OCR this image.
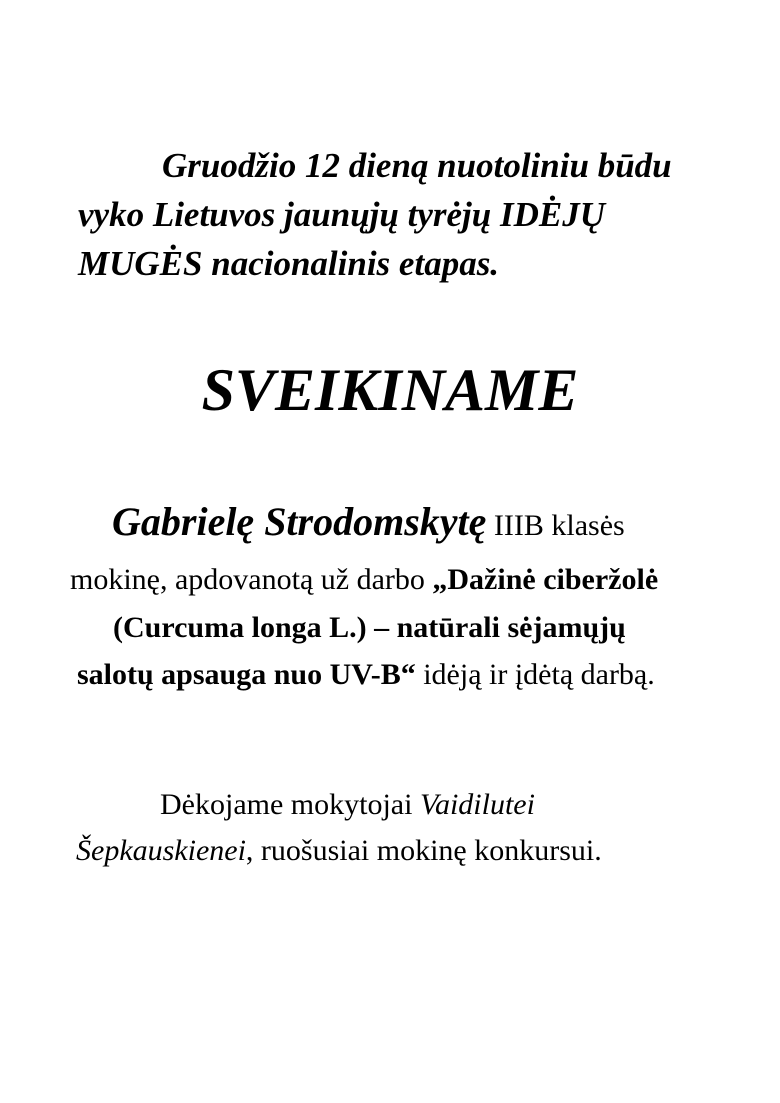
Gruodžio 12 dieną nuotoliniu būdu
vyko Lietuvos jaunųjų tyrėjų IDĖJŲ
MUGĖS nacionalinis etapas.
SVEIKINAME
Gabrielę Strodomskytę IIIB klasės
mokinę, apdovanotą už darbo „Dažinė ciberžolė
(Curcuma longa L.) – natūrali sėjamųjų
salotų apsauga nuo UV-B“ idėją ir įdėtą darbą.
Dėkojame mokytojai Vaidilutei
Šepkauskienei, ruošusiai mokinę konkursui.
